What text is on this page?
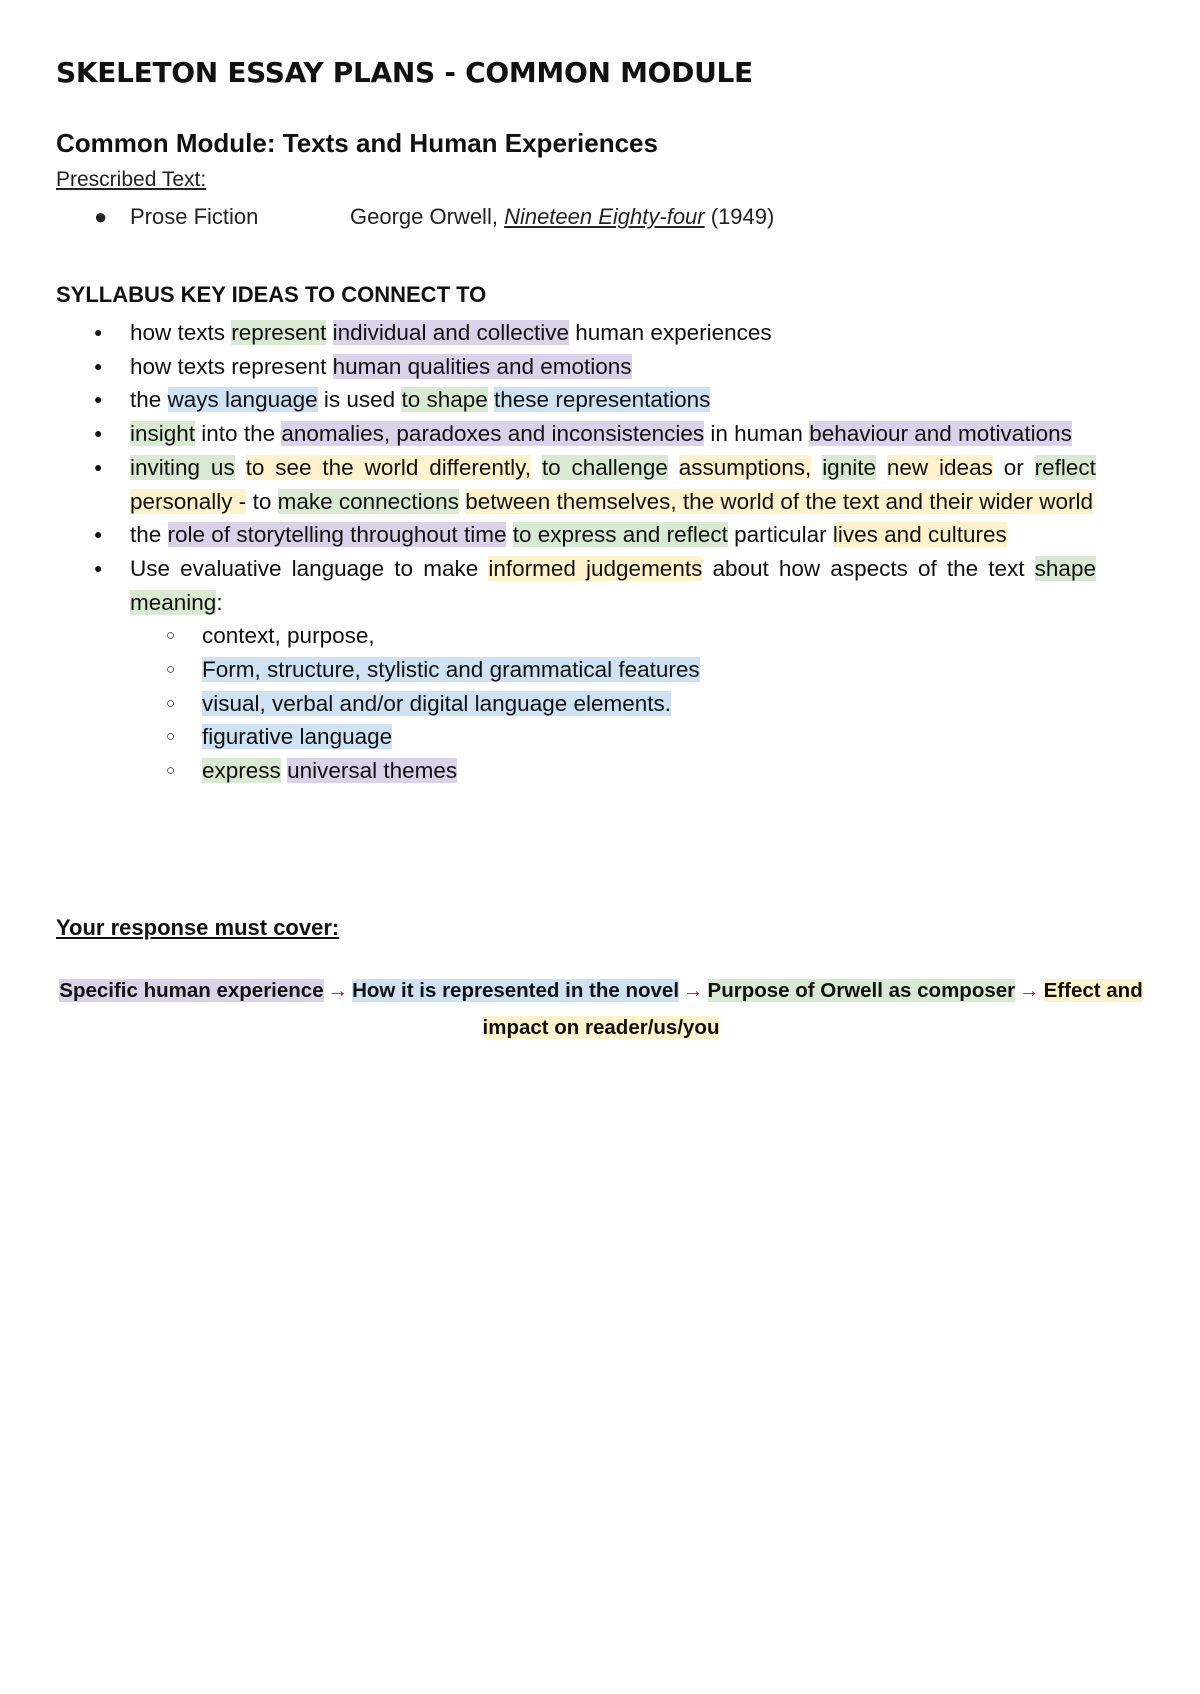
SKELETON ESSAY PLANS - COMMON MODULE
Common Module: Texts and Human Experiences
Prescribed Text:
● Prose Fiction	George Orwell, Nineteen Eighty-four (1949)
SYLLABUS KEY IDEAS TO CONNECT TO
● how texts represent individual and collective human experiences
● how texts represent human qualities and emotions
● the ways language is used to shape these representations
● insight into the anomalies, paradoxes and inconsistencies in human behaviour and motivations
● inviting us to see the world differently, to challenge assumptions, ignite new ideas or reflect personally - to make connections between themselves, the world of the text and their wider world
● the role of storytelling throughout time to express and reflect particular lives and cultures
● Use evaluative language to make informed judgements about how aspects of the text shape meaning:
○ context, purpose,
○ Form, structure, stylistic and grammatical features
○ visual, verbal and/or digital language elements.
○ figurative language
○ express universal themes
Your response must cover:
Specific human experience → How it is represented in the novel → Purpose of Orwell as composer → Effect and impact on reader/us/you
